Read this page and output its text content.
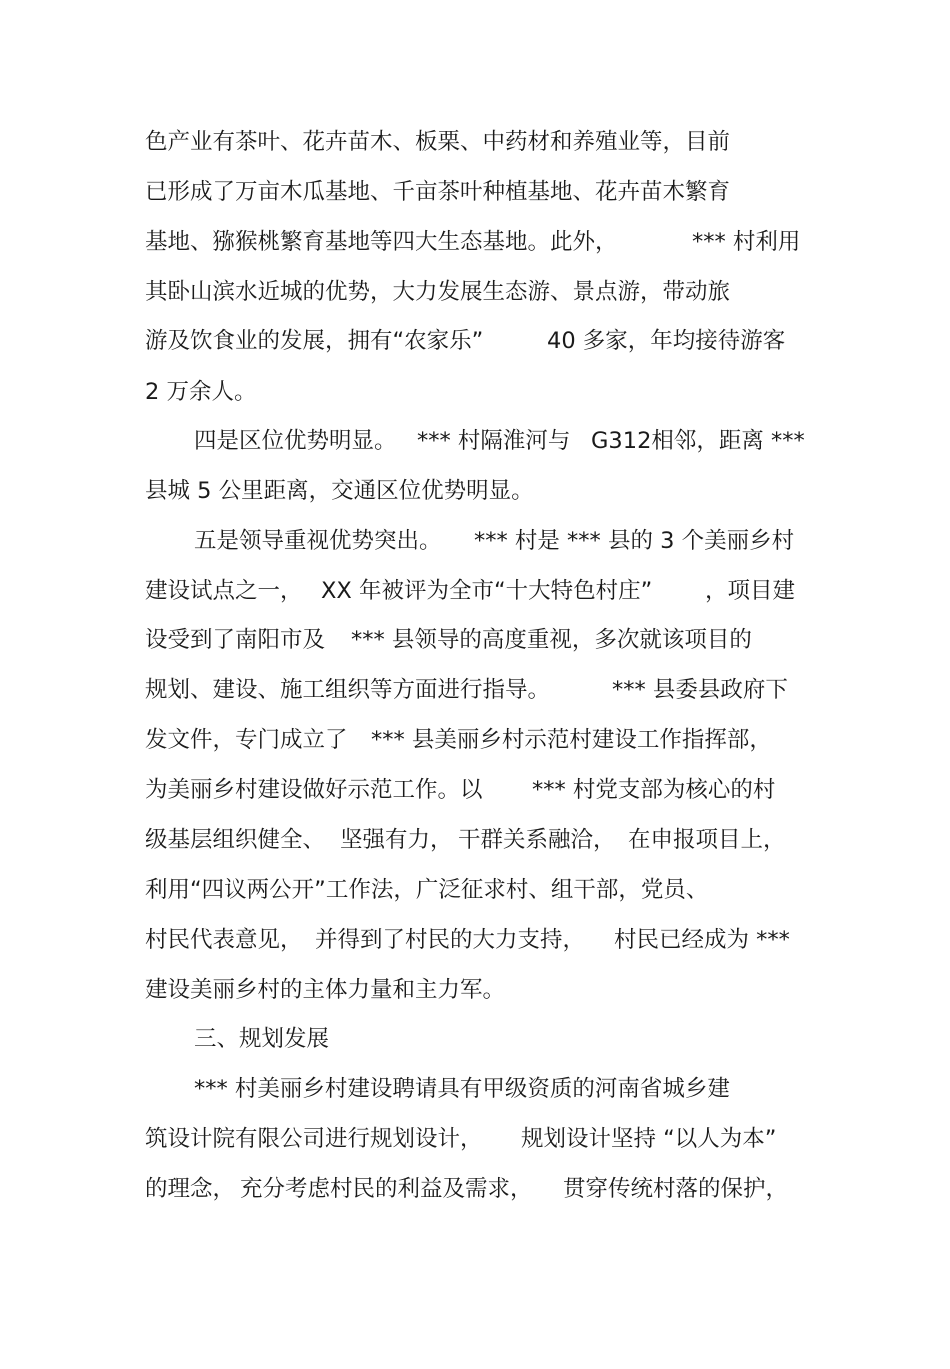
色产业有茶叶、花卉苗木、板栗、中药材和养殖业等，目前

已形成了万亩木瓜基地、千亩茶叶种植基地、花卉苗木繁育

基地、猕猴桃繁育基地等四大生态基地。此外，

	*** 村利用

其卧山滨水近城的优势，大力发展生态游、景点游，带动旅

游及饮食业的发展，拥有“农家乐”

	40 多家，年均接待游客

2 万余人。

四是区位优势明显。

*** 村隔淮河与

G312相邻，距离 ***

县城 5 公里距离，交通区位优势明显。

五是领导重视优势突出。

*** 村是 *** 县的 3 个美丽乡村

建设试点之一，

XX 年被评为全市“十大特色村庄”

，项目建

设受到了南阳市及

*** 县领导的高度重视，多次就该项目的

规划、建设、施工组织等方面进行指导。

	*** 县委县政府下

发文件，专门成立了

*** 县美丽乡村示范村建设工作指挥部，

为美丽乡村建设做好示范工作。以

*** 村党支部为核心的村

级基层组织健全、

坚强有力，

干群关系融洽，

在申报项目上，

利用“四议两公开”工作法，广泛征求村、组干部，党员、

村民代表意见，

并得到了村民的大力支持，

村民已经成为 ***

建设美丽乡村的主体力量和主力军。

三、规划发展

*** 村美丽乡村建设聘请具有甲级资质的河南省城乡建

筑设计院有限公司进行规划设计，

规划设计坚持 “以人为本”

的理念，

充分考虑村民的利益及需求，

贯穿传统村落的保护，
